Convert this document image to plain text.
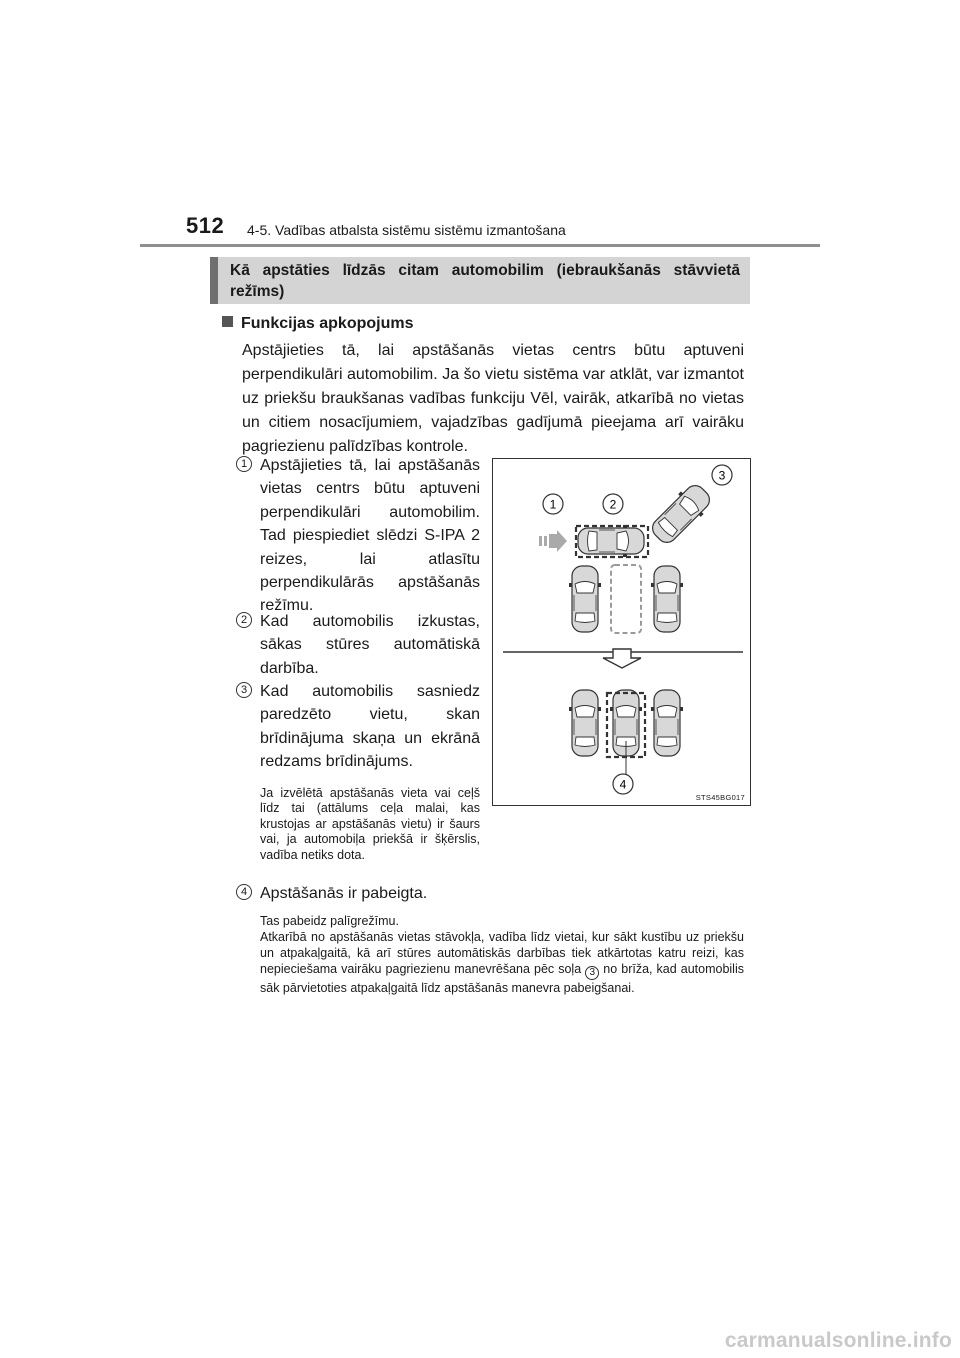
512 4-5. Vadības atbalsta sistēmu sistēmu izmantošana
Kā apstāties līdzās citam automobilim (iebraukšanās stāvvietā režīms)
Funkcijas apkopojums

Apstājieties tā, lai apstāšanās vietas centrs būtu aptuveni perpendikulāri automobilim. Ja šo vietu sistēma var atklāt, var izmantot uz priekšu braukšanas vadības funkciju Vēl, vairāk, atkarībā no vietas un citiem nosacījumiem, vajadzības gadījumā pieejama arī vairāku pagriezienu palīdzības kontrole.

1 Apstājieties tā, lai apstāšanās vietas centrs būtu aptuveni perpendikulāri automobilim. Tad piespiediet slēdzi S-IPA 2 reizes, lai atlasītu perpendikulārās apstāšanās režīmu.

2 Kad automobilis izkustas, sākas stūres automātiskā darbība.

3 Kad automobilis sasniedz paredzēto vietu, skan brīdinājuma skaņa un ekrānā redzams brīdinājums.

Ja izvēlētā apstāšanās vieta vai ceļš līdz tai (attālums ceļa malai, kas krustojas ar apstāšanās vietu) ir šaurs vai, ja automobiļa priekšā ir šķērslis, vadība netiks dota.

4 Apstāšanās ir pabeigta.

Tas pabeidz palīgrežīmu.

Atkarībā no apstāšanās vietas stāvokļa, vadība līdz vietai, kur sākt kustību uz priekšu un atpakaļgaitā, kā arī stūres automātiskās darbības tiek atkārtotas katru reizi, kas nepieciešama vairāku pagriezienu manevrēšana pēc soļa 3 no brīža, kad automobilis sāk pārvietoties atpakaļgaitā līdz apstāšanās manevra pabeigšanai.

1	2
3
4
STS45BG017
carmanualsonline.info
